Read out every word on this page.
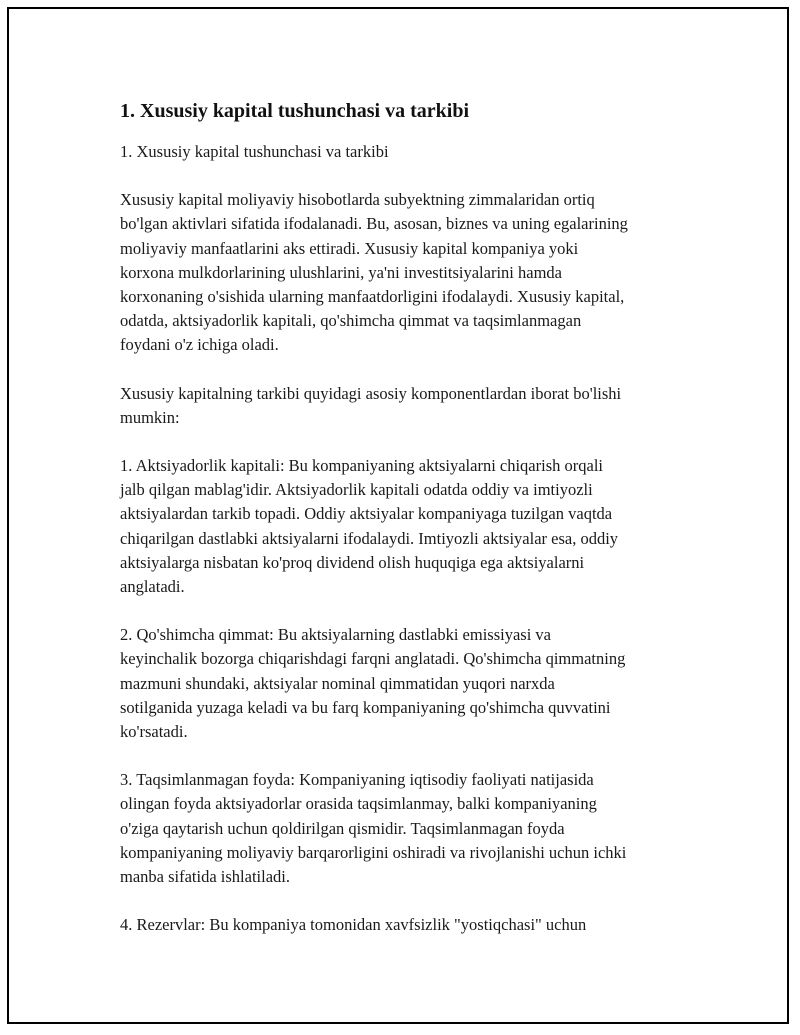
1. Xususiy kapital tushunchasi va tarkibi

1. Xususiy kapital tushunchasi va tarkibi

Xususiy kapital moliyaviy hisobotlarda subyektning zimmalaridan ortiq
bo'lgan aktivlari sifatida ifodalanadi. Bu, asosan, biznes va uning egalarining
moliyaviy manfaatlarini aks ettiradi. Xususiy kapital kompaniya yoki
korxona mulkdorlarining ulushlarini, ya'ni investitsiyalarini hamda
korxonaning o'sishida ularning manfaatdorligini ifodalaydi. Xususiy kapital,
odatda, aktsiyadorlik kapitali, qo'shimcha qimmat va taqsimlanmagan
foydani o'z ichiga oladi.

Xususiy kapitalning tarkibi quyidagi asosiy komponentlardan iborat bo'lishi
mumkin:

1. Aktsiyadorlik kapitali: Bu kompaniyaning aktsiyalarni chiqarish orqali
jalb qilgan mablag'idir. Aktsiyadorlik kapitali odatda oddiy va imtiyozli
aktsiyalardan tarkib topadi. Oddiy aktsiyalar kompaniyaga tuzilgan vaqtda
chiqarilgan dastlabki aktsiyalarni ifodalaydi. Imtiyozli aktsiyalar esa, oddiy
aktsiyalarga nisbatan ko'proq dividend olish huquqiga ega aktsiyalarni
anglatadi.

2. Qo'shimcha qimmat: Bu aktsiyalarning dastlabki emissiyasi va
keyinchalik bozorga chiqarishdagi farqni anglatadi. Qo'shimcha qimmatning
mazmuni shundaki, aktsiyalar nominal qimmatidan yuqori narxda
sotilganida yuzaga keladi va bu farq kompaniyaning qo'shimcha quvvatini
ko'rsatadi.

3. Taqsimlanmagan foyda: Kompaniyaning iqtisodiy faoliyati natijasida
olingan foyda aktsiyadorlar orasida taqsimlanmay, balki kompaniyaning
o'ziga qaytarish uchun qoldirilgan qismidir. Taqsimlanmagan foyda
kompaniyaning moliyaviy barqarorligini oshiradi va rivojlanishi uchun ichki
manba sifatida ishlatiladi.

4. Rezervlar: Bu kompaniya tomonidan xavfsizlik "yostiqchasi" uchun
